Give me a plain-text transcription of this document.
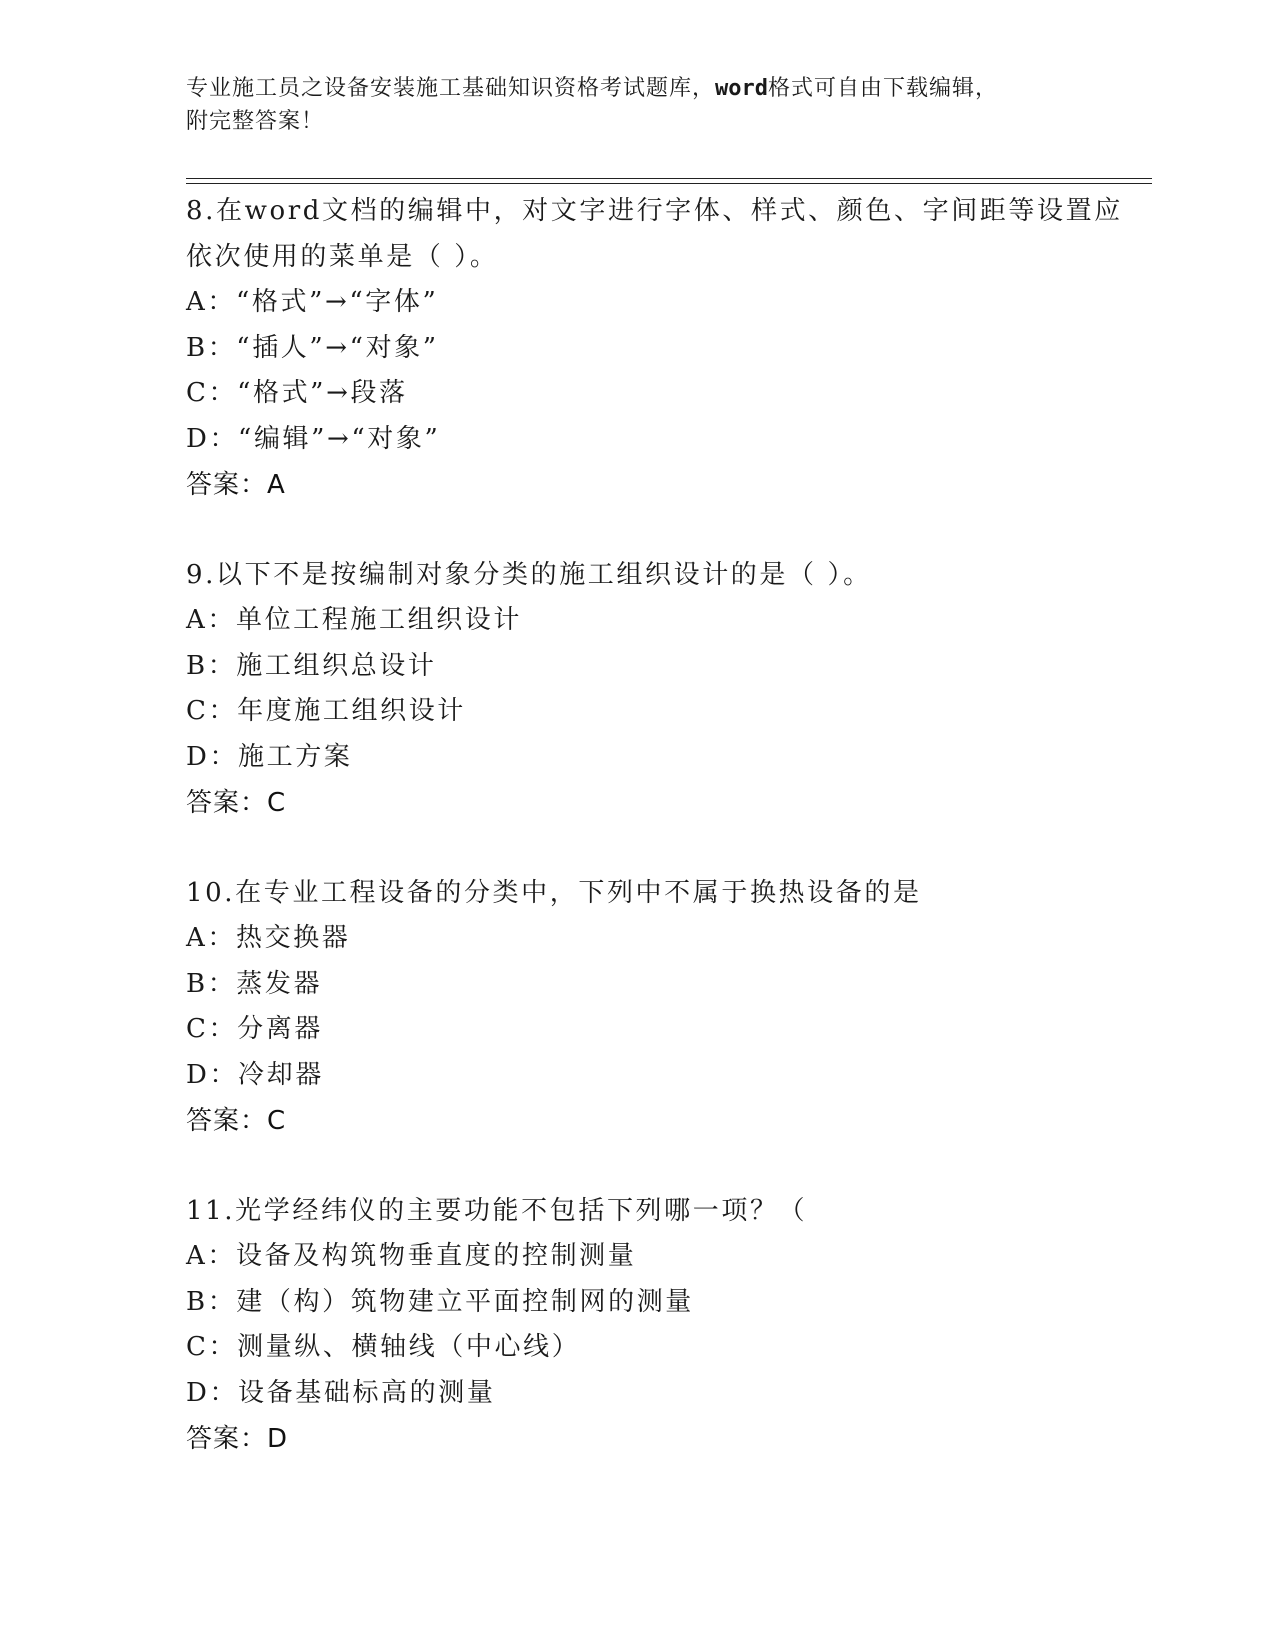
专业施工员之设备安装施工基础知识资格考试题库，word格式可自由下载编辑，
附完整答案！
8.在word文档的编辑中，对文字进行字体、样式、颜色、字间距等设置应依次使用的菜单是（ ）。
A：“格式”→“字体”
B：“插人”→“对象”
C：“格式”→段落
D：“编辑”→“对象”
答案：A
9.以下不是按编制对象分类的施工组织设计的是（ ）。
A：单位工程施工组织设计
B：施工组织总设计
C：年度施工组织设计
D：施工方案
答案：C
10.在专业工程设备的分类中，下列中不属于换热设备的是
A：热交换器
B：蒸发器
C：分离器
D：冷却器
答案：C
11.光学经纬仪的主要功能不包括下列哪一项？（
A：设备及构筑物垂直度的控制测量
B：建（构）筑物建立平面控制网的测量
C：测量纵、横轴线（中心线）
D：设备基础标高的测量
答案：D
